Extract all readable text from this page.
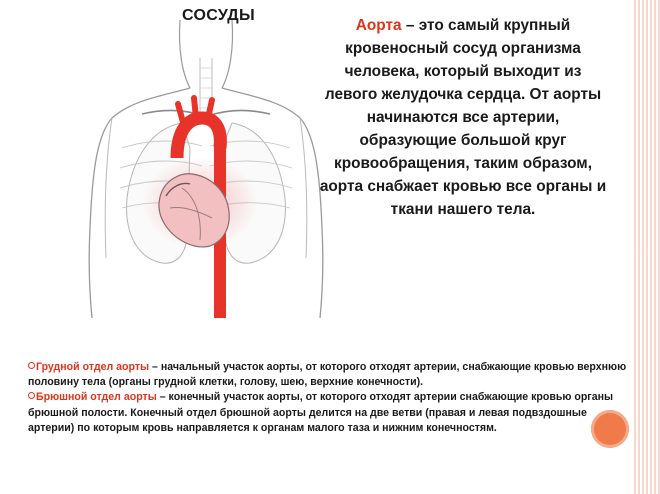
СОСУДЫ
Аорта – это самый крупный кровеносный сосуд организма человека, который выходит из левого желудочка сердца. От аорты начинаются все артерии, образующие большой круг кровообращения, таким образом, аорта снабжает кровью все органы и ткани нашего тела.

Грудной отдел аорты – начальный участок аорты, от которого отходят артерии, снабжающие кровью верхнюю половину тела (органы грудной клетки, голову, шею, верхние конечности).

Брюшной отдел аорты – конечный участок аорты, от которого отходят артерии снабжающие кровью органы брюшной полости. Конечный отдел брюшной аорты делится на две ветви (правая и левая подвздошные артерии) по которым кровь направляется к органам малого таза и нижним конечностям.
